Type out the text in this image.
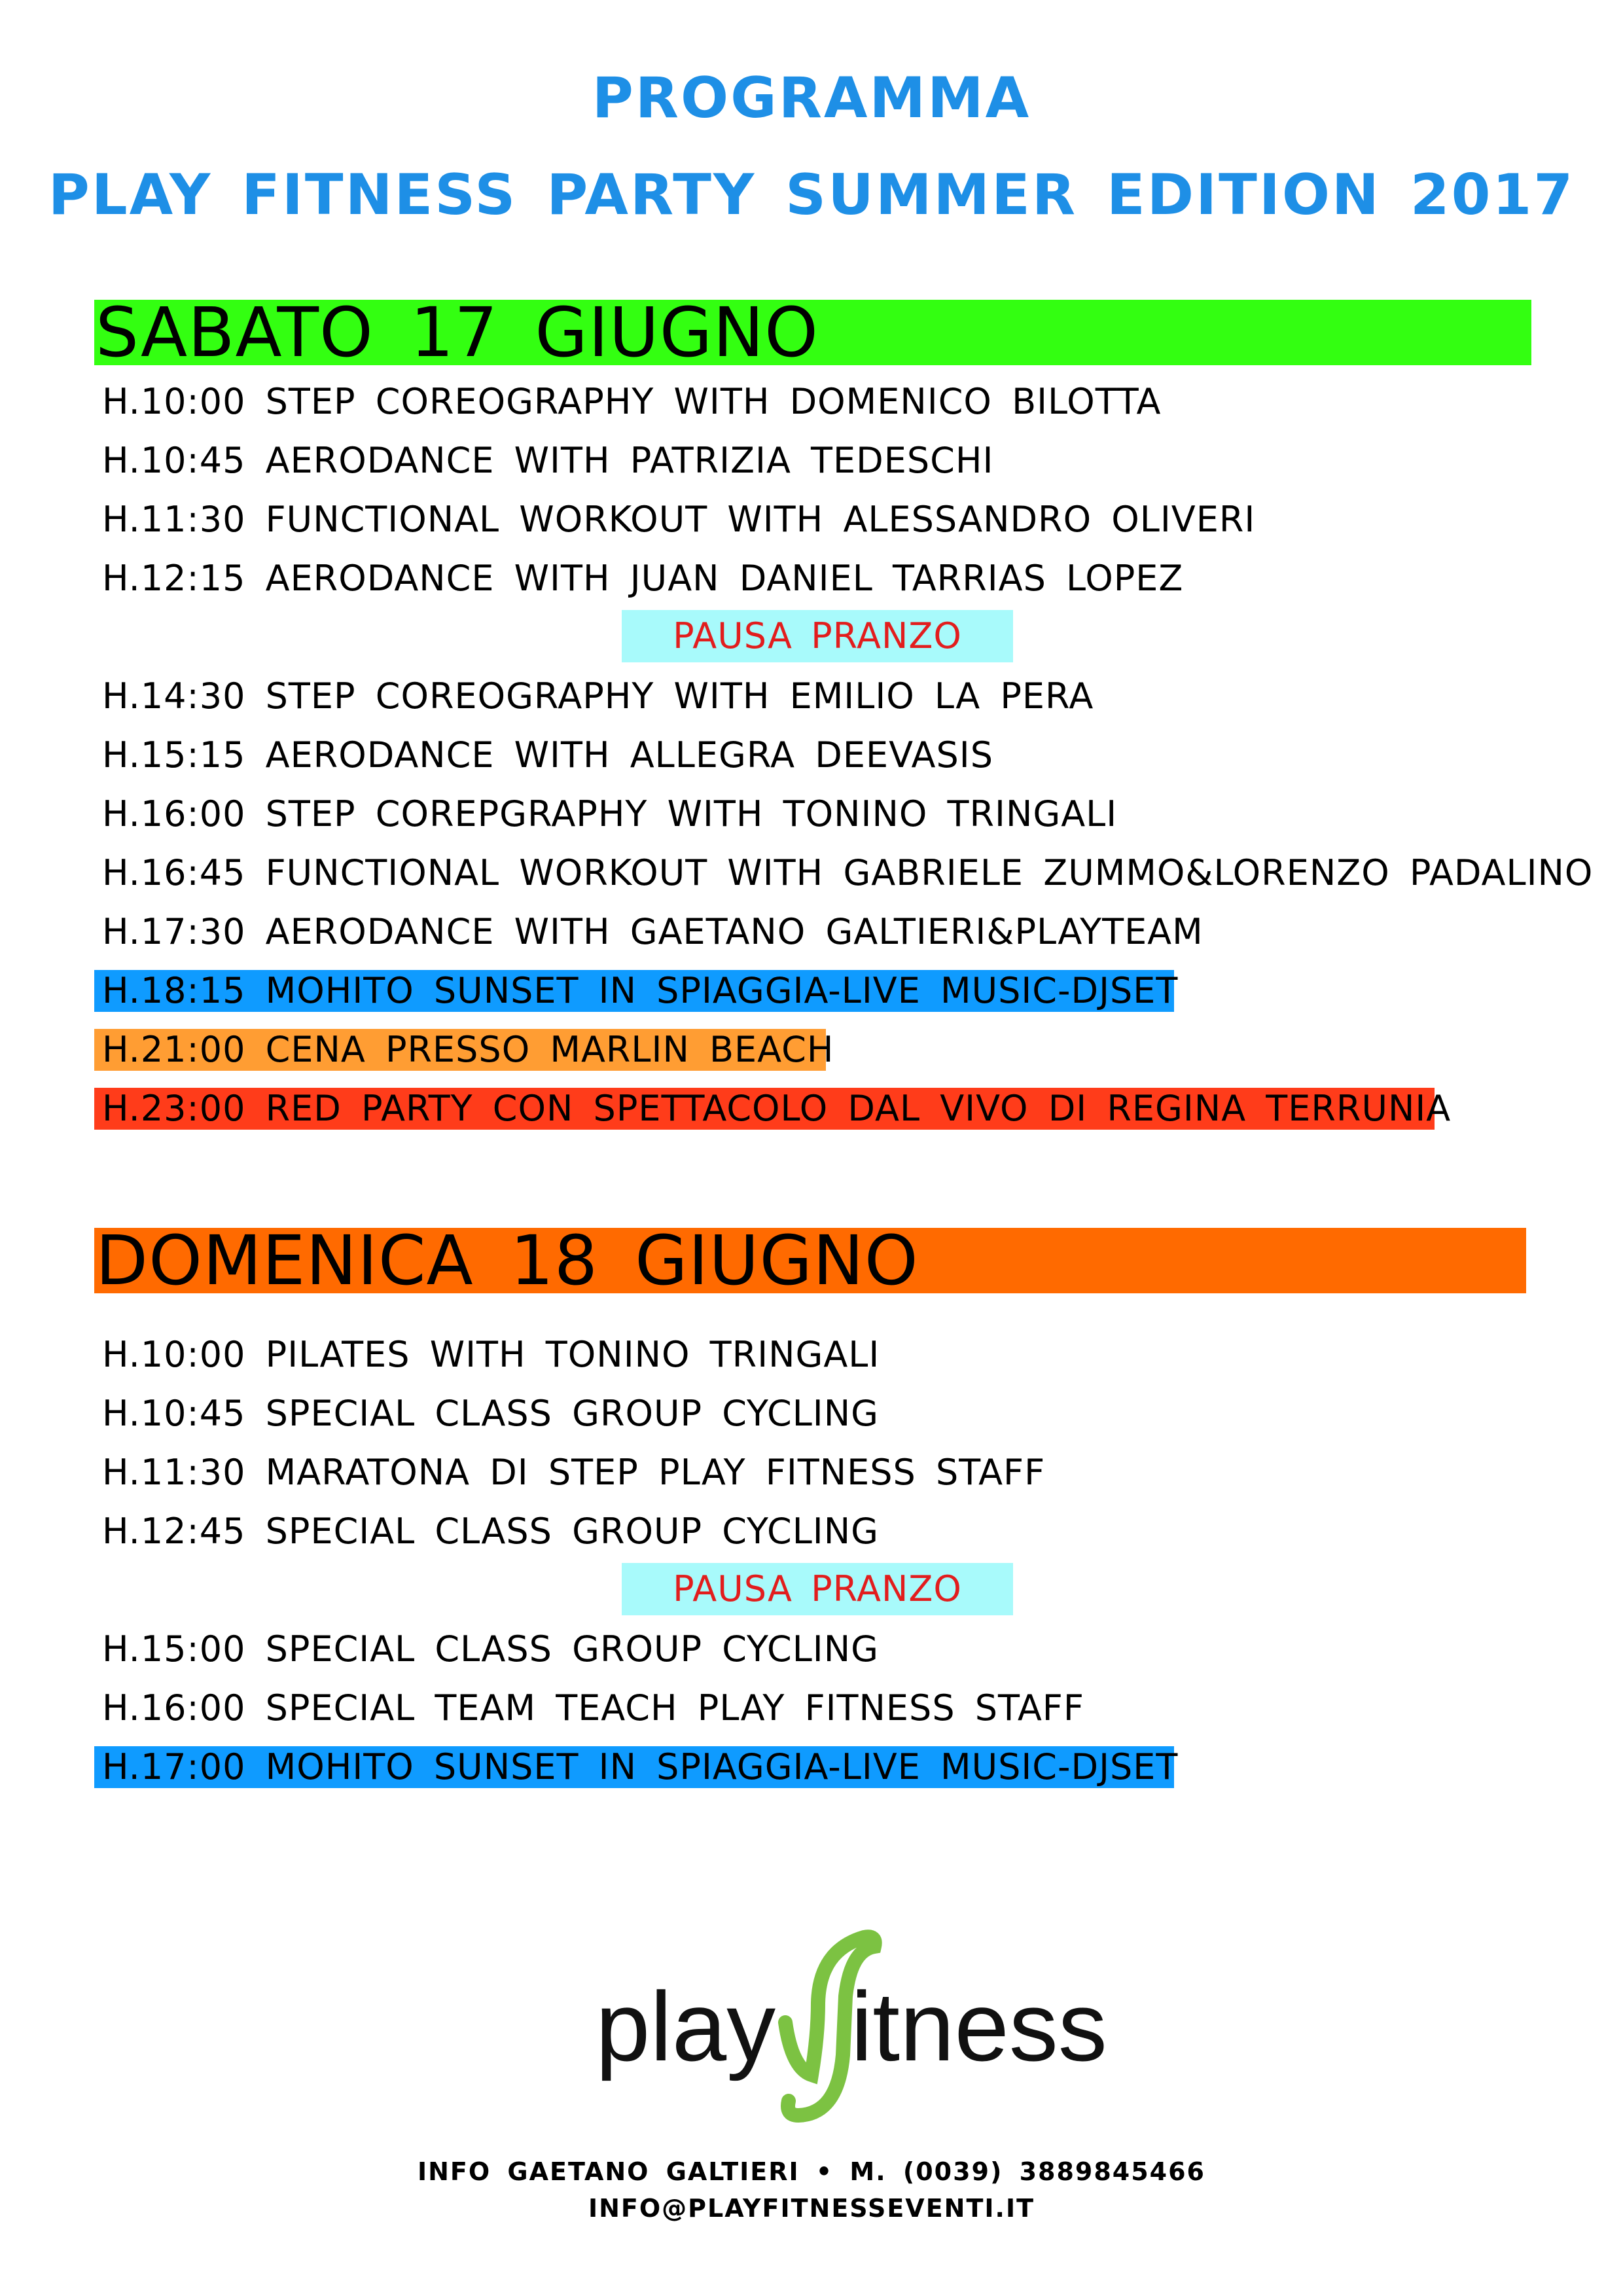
PROGRAMMA
PLAY FITNESS PARTY SUMMER EDITION 2017
SABATO 17 GIUGNO
H.10:00 STEP COREOGRAPHY WITH DOMENICO BILOTTA
H.10:45 AERODANCE WITH PATRIZIA TEDESCHI
H.11:30 FUNCTIONAL WORKOUT WITH ALESSANDRO OLIVERI
H.12:15 AERODANCE WITH JUAN DANIEL TARRIAS LOPEZ
PAUSA PRANZO
H.14:30 STEP COREOGRAPHY WITH EMILIO LA PERA
H.15:15 AERODANCE WITH ALLEGRA DEEVASIS
H.16:00 STEP COREPGRAPHY WITH TONINO TRINGALI
H.16:45 FUNCTIONAL WORKOUT WITH GABRIELE ZUMMO&LORENZO PADALINO
H.17:30 AERODANCE WITH GAETANO GALTIERI&PLAYTEAM
H.18:15 MOHITO SUNSET IN SPIAGGIA-LIVE MUSIC-DJSET
H.21:00 CENA PRESSO MARLIN BEACH
H.23:00 RED PARTY CON SPETTACOLO DAL VIVO DI REGINA TERRUNIA
DOMENICA 18 GIUGNO
H.10:00 PILATES WITH TONINO TRINGALI
H.10:45 SPECIAL CLASS GROUP CYCLING
H.11:30 MARATONA DI STEP PLAY FITNESS STAFF
H.12:45 SPECIAL CLASS GROUP CYCLING
PAUSA PRANZO
H.15:00 SPECIAL CLASS GROUP CYCLING
H.16:00 SPECIAL TEAM TEACH PLAY FITNESS STAFF
H.17:00 MOHITO SUNSET IN SPIAGGIA-LIVE MUSIC-DJSET
play itness
INFO GAETANO GALTIERI • M. (0039) 3889845466
INFO@PLAYFITNESSEVENTI.IT
